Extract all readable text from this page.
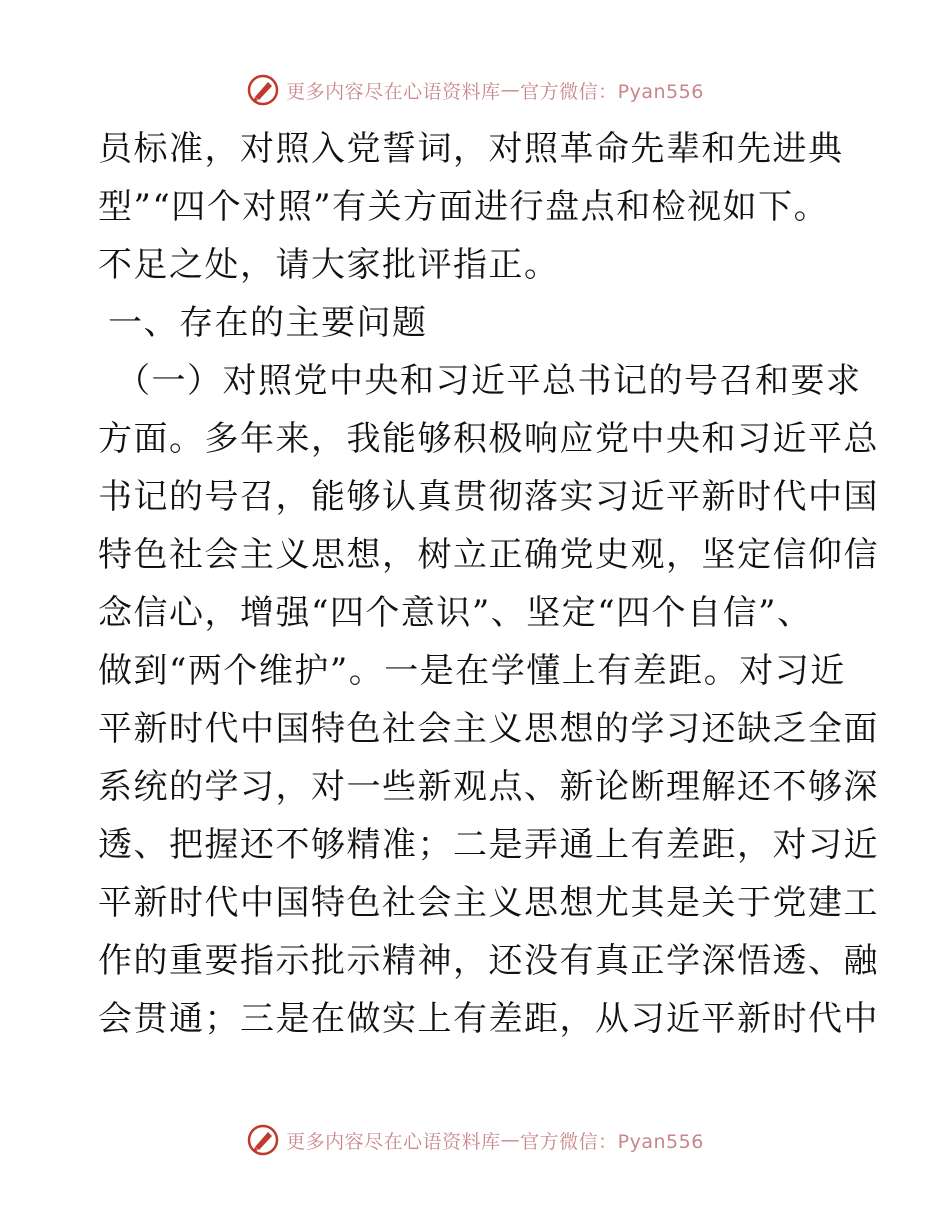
更多内容尽在心语资料库 — 官方微信：Pyan556
员标准，对照入党誓词，对照革命先辈和先进典
型”“四个对照”有关方面进行盘点和检视如下。
不足之处，请大家批评指正。
一、存在的主要问题
（一）对照党中央和习近平总书记的号召和要求
方面。多年来，我能够积极响应党中央和习近平总
书记的号召，能够认真贯彻落实习近平新时代中国
特色社会主义思想，树立正确党史观，坚定信仰信
念信心，增强“四个意识”、坚定“四个自信”、
做到“两个维护”。一是在学懂上有差距。对习近
平新时代中国特色社会主义思想的学习还缺乏全面
系统的学习，对一些新观点、新论断理解还不够深
透、把握还不够精准；二是弄通上有差距，对习近
平新时代中国特色社会主义思想尤其是关于党建工
作的重要指示批示精神，还没有真正学深悟透、融
会贯通；三是在做实上有差距，从习近平新时代中
更多内容尽在心语资料库 — 官方微信：Pyan556
